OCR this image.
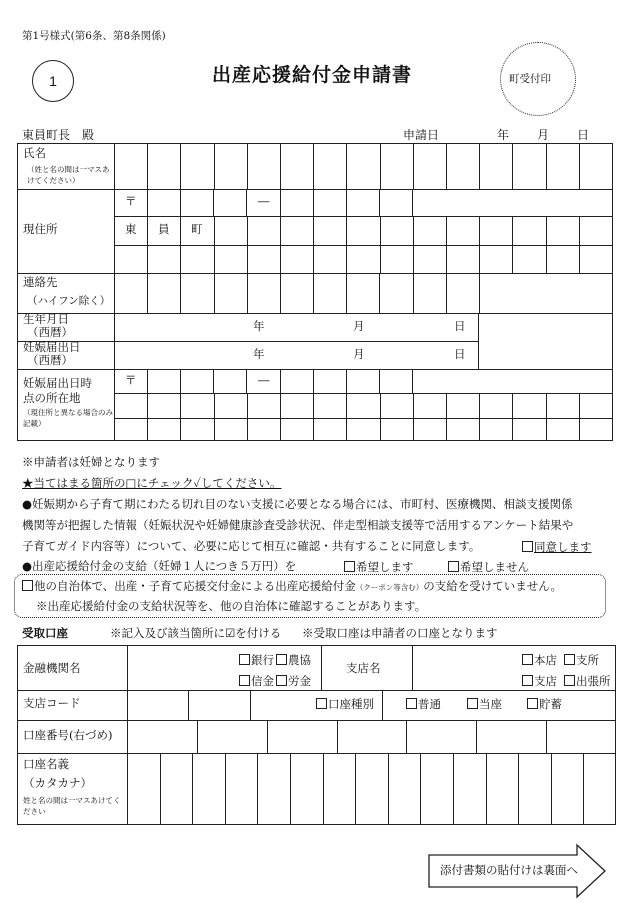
第1号様式(第6条、第8条関係)
1	出産応援給付金申請書	町受付印
東員町長　殿	申請日	年 月 日
氏名
（姓と名の間は一マスあけてください）
現住所
〒	―
東 員 町
連絡先
（ハイフン除く）
生年月日
（西暦）	年	月	日
妊娠届出日
（西暦）	年	月	日
妊娠届出日時
点の所在地
（現住所と異なる場合のみ記載）
〒	―
※申請者は妊婦となります
★当てはまる箇所の□にチェック✓してください。
●妊娠期から子育て期にわたる切れ目のない支援に必要となる場合には、市町村、医療機関、相談支援関係
機関等が把握した情報（妊娠状況や妊婦健康診査受診状況、伴走型相談支援等で活用するアンケート結果や
子育てガイド内容等）について、必要に応じて相互に確認・共有することに同意します。	同意します
●出産応援給付金の支給（妊婦１人につき５万円）を	希望します	希望しません
他の自治体で、出産・子育て応援交付金による出産応援給付金（クーポン等含む）の支給を受けていません。
※出産応援給付金の支給状況等を、他の自治体に確認することがあります。
受取口座	※記入及び該当箇所に☑を付ける ※受取口座は申請者の口座となります
金融機関名
銀行	農協
信金	労金
支店名
本店	支所
支店	出張所
支店コード	口座種別	普通	当座	貯蓄
口座番号(右づめ)
口座名義
（カタカナ）
姓と名の間は一マスあけてください
添付書類の貼付けは裏面へ
